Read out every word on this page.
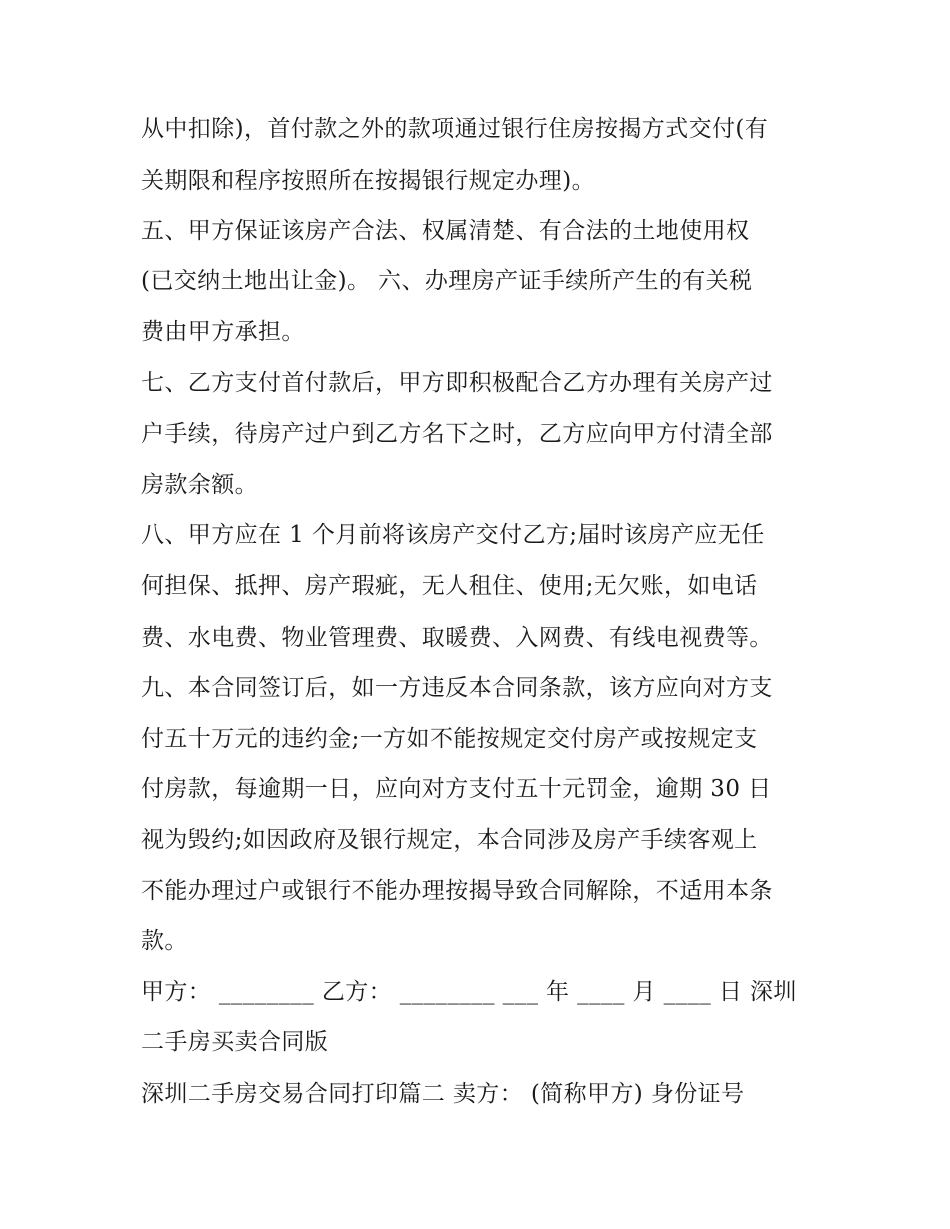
从中扣除)，首付款之外的款项通过银行住房按揭方式交付(有
关期限和程序按照所在按揭银行规定办理)。
五、甲方保证该房产合法、权属清楚、有合法的土地使用权
(已交纳土地出让金)。 六、办理房产证手续所产生的有关税
费由甲方承担。
七、乙方支付首付款后，甲方即积极配合乙方办理有关房产过
户手续，待房产过户到乙方名下之时，乙方应向甲方付清全部
房款余额。
八、甲方应在 1 个月前将该房产交付乙方;届时该房产应无任
何担保、抵押、房产瑕疵，无人租住、使用;无欠账，如电话
费、水电费、物业管理费、取暖费、入网费、有线电视费等。
九、本合同签订后，如一方违反本合同条款，该方应向对方支
付五十万元的违约金;一方如不能按规定交付房产或按规定支
付房款，每逾期一日，应向对方支付五十元罚金，逾期 30 日
视为毁约;如因政府及银行规定，本合同涉及房产手续客观上
不能办理过户或银行不能办理按揭导致合同解除，不适用本条
款。
甲方： ________ 乙方： ________ ___ 年 ____ 月 ____ 日 深圳
二手房买卖合同版
深圳二手房交易合同打印篇二 卖方： (简称甲方) 身份证号
